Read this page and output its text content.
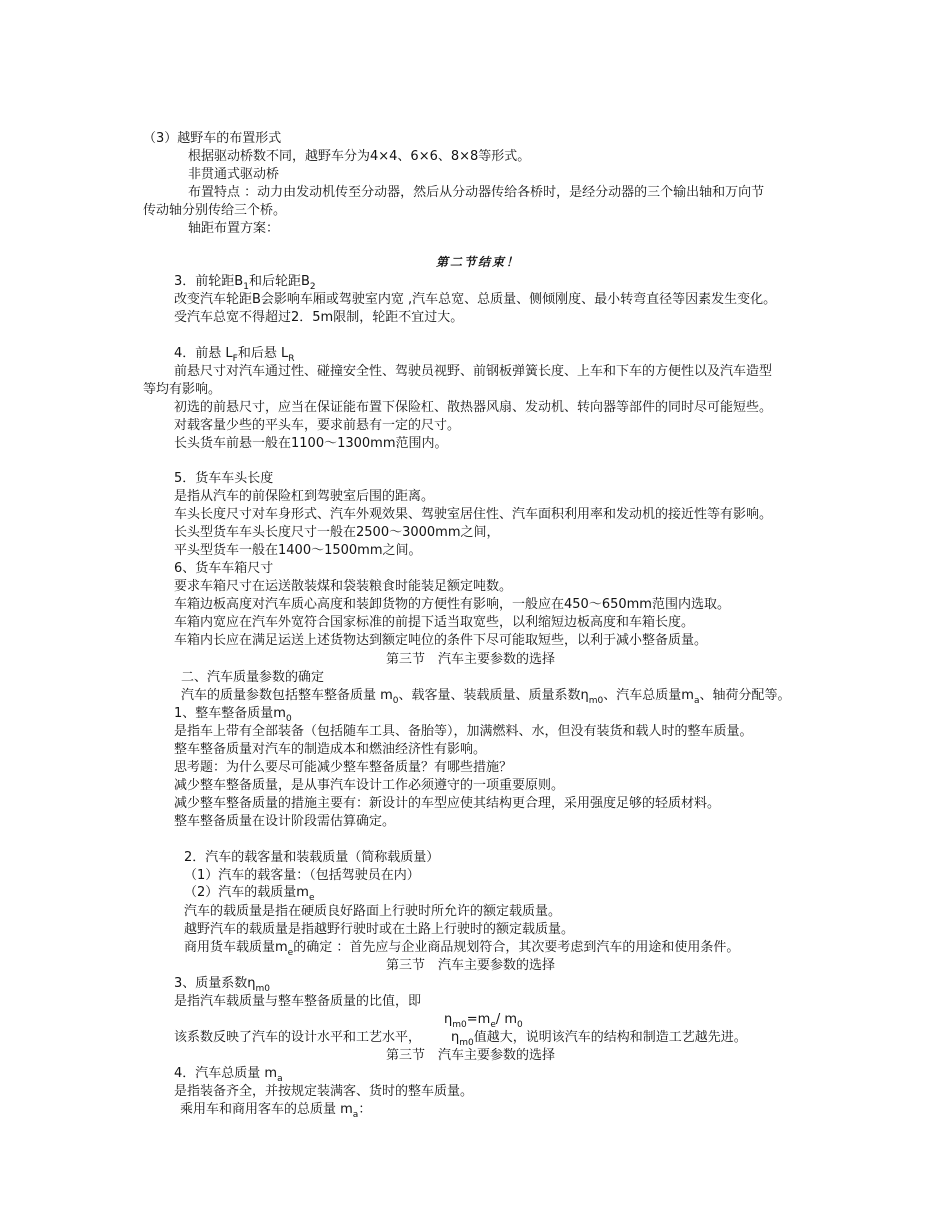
（3）越野车的布置形式
根据驱动桥数不同，越野车分为4×4、6×6、8×8等形式。
非贯通式驱动桥
布置特点 ：动力由发动机传至分动器，然后从分动器传给各桥时，是经分动器的三个输出轴和万向节
传动轴分别传给三个桥。
轴距布置方案：
第二节结束！
3．前轮距$B_1$和后轮距$B_2$
改变汽车轮距B会影响车厢或驾驶室内宽 ,汽车总宽、总质量、侧倾刚度、最小转弯直径等因素发生变化。
受汽车总宽不得超过2．5m限制，轮距不宜过大。
4．前悬 $L_F$和后悬 $L_R$
前悬尺寸对汽车通过性、碰撞安全性、驾驶员视野、前钢板弹簧长度、上车和下车的方便性以及汽车造型
等均有影响。
初选的前悬尺寸，应当在保证能布置下保险杠、散热器风扇、发动机、转向器等部件的同时尽可能短些。
对载客量少些的平头车，要求前悬有一定的尺寸。
长头货车前悬一般在1100～1300mm范围内。
5．货车车头长度
是指从汽车的前保险杠到驾驶室后围的距离。
车头长度尺寸对车身形式、汽车外观效果、驾驶室居住性、汽车面积利用率和发动机的接近性等有影响。
长头型货车车头长度尺寸一般在2500～3000mm之间，
平头型货车一般在1400～1500mm之间。
6、货车车箱尺寸
要求车箱尺寸在运送散装煤和袋装粮食时能装足额定吨数。
车箱边板高度对汽车质心高度和装卸货物的方便性有影响，一般应在450～650mm范围内选取。
车箱内宽应在汽车外宽符合国家标准的前提下适当取宽些，以利缩短边板高度和车箱长度。
车箱内长应在满足运送上述货物达到额定吨位的条件下尽可能取短些，以利于减小整备质量。
第三节　汽车主要参数的选择
二、汽车质量参数的确定
汽车的质量参数包括整车整备质量 $m_0$、载客量、装载质量、质量系数$\eta_{m0}$、汽车总质量$m_a$、轴荷分配等。
1、整车整备质量$m_0$
是指车上带有全部装备（包括随车工具、备胎等），加满燃料、水，但没有装货和载人时的整车质量。
整车整备质量对汽车的制造成本和燃油经济性有影响。
思考题：为什么要尽可能减少整车整备质量？有哪些措施？
减少整车整备质量，是从事汽车设计工作必须遵守的一项重要原则。
减少整车整备质量的措施主要有：新设计的车型应使其结构更合理，采用强度足够的轻质材料。
整车整备质量在设计阶段需估算确定。
2．汽车的载客量和装载质量（简称载质量）
（1）汽车的载客量：（包括驾驶员在内）
（2）汽车的载质量$m_e$
汽车的载质量是指在硬质良好路面上行驶时所允许的额定载质量。
越野汽车的载质量是指越野行驶时或在土路上行驶时的额定载质量。
商用货车载质量$m_e$的确定 ：首先应与企业商品规划符合，其次要考虑到汽车的用途和使用条件。
第三节　汽车主要参数的选择
3、质量系数$\eta_{m0}$
是指汽车载质量与整车整备质量的比值，即
$\eta_{m0}=m_e/$ $m_0$
该系数反映了汽车的设计水平和工艺水平， $\eta_{m0}$值越大，说明该汽车的结构和制造工艺越先进。
第三节　汽车主要参数的选择
4．汽车总质量 $m_a$
是指装备齐全，并按规定装满客、货时的整车质量。
乘用车和商用客车的总质量 $m_a$：
